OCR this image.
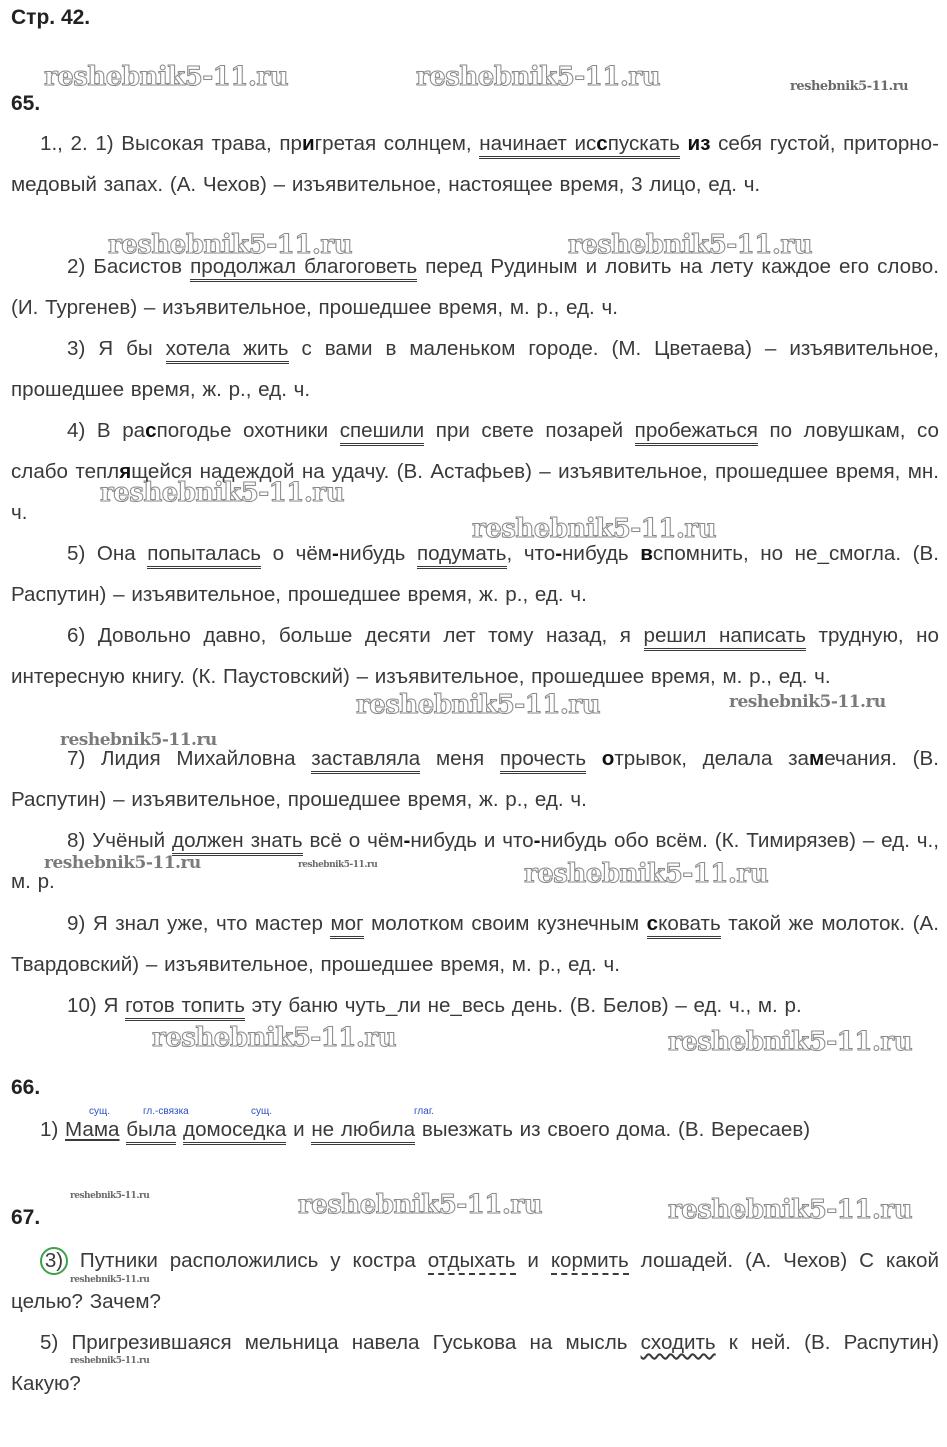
Стр. 42.
reshebnik5-11.ru	reshebnik5-11.ru	reshebnik5-11.ru
reshebnik5-11.ru	reshebnik5-11.ru
reshebnik5-11.ru
reshebnik5-11.ru
reshebnik5-11.ru	reshebnik5-11.ru
reshebnik5-11.ru
reshebnik5-11.ru	reshebnik5-11.ru	reshebnik5-11.ru
reshebnik5-11.ru	reshebnik5-11.ru
reshebnik5-11.ru	reshebnik5-11.ru	reshebnik5-11.ru
reshebnik5-11.ru
reshebnik5-11.ru
65.
1., 2. 1) Высокая трава, пригретая солнцем, начинает исспускать из себя густой, приторно-медовый запах. (А. Чехов) – изъявительное, настоящее время, 3 лицо, ед. ч.
2) Басистов продолжал благоговеть перед Рудиным и ловить на лету каждое его слово. (И. Тургенев) – изъявительное, прошедшее время, м. р., ед. ч.
3) Я бы хотела жить с вами в маленьком городе. (М. Цветаева) – изъявительное, прошедшее время, ж. р., ед. ч.
4) В распогодье охотники спешили при свете позарей пробежаться по ловушкам, со слабо теплящейся надеждой на удачу. (В. Астафьев) – изъявительное, прошедшее время, мн. ч.
5) Она попыталась о чём-нибудь подумать, что-нибудь вспомнить, но не_смогла. (В. Распутин) – изъявительное, прошедшее время, ж. р., ед. ч.
6) Довольно давно, больше десяти лет тому назад, я решил написать трудную, но интересную книгу. (К. Паустовский) – изъявительное, прошедшее время, м. р., ед. ч.
7) Лидия Михайловна заставляла меня прочесть отрывок, делала замечания. (В. Распутин) – изъявительное, прошедшее время, ж. р., ед. ч.
8) Учёный должен знать всё о чём-нибудь и что-нибудь обо всём. (К. Тимирязев) – ед. ч., м. р.
9) Я знал уже, что мастер мог молотком своим кузнечным сковать такой же молоток. (А. Твардовский) – изъявительное, прошедшее время, м. р., ед. ч.
10) Я готов топить эту баню чуть_ли не_весь день. (В. Белов) – ед. ч., м. р.
66.
сущ.	гл.-связка	сущ.	глаг.
1) Мама была домоседка и не любила выезжать из своего дома. (В. Вересаев)
67.
3) Путники расположились у костра отдыхать и кормить лошадей. (А. Чехов) С какой целью? Зачем?
5) Пригрезившаяся мельница навела Гуськова на мысль сходить к ней. (В. Распутин) Какую?
